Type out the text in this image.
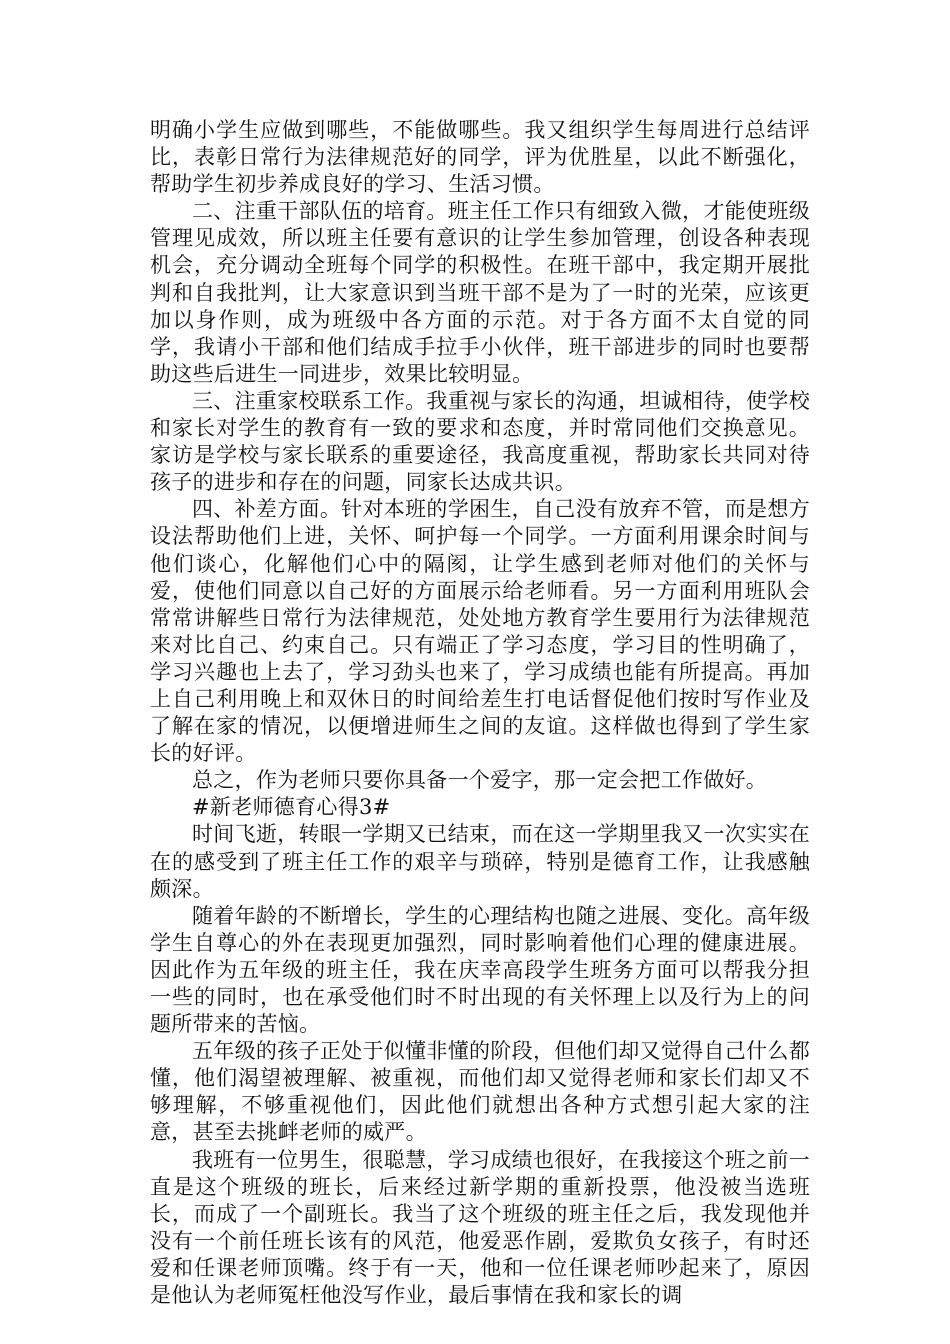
明确小学生应做到哪些，不能做哪些。我又组织学生每周进行总结评比，表彰日常行为法律规范好的同学，评为优胜星，以此不断强化，帮助学生初步养成良好的学习、生活习惯。

二、注重干部队伍的培育。班主任工作只有细致入微，才能使班级管理见成效，所以班主任要有意识的让学生参加管理，创设各种表现机会，充分调动全班每个同学的积极性。在班干部中，我定期开展批判和自我批判，让大家意识到当班干部不是为了一时的光荣，应该更加以身作则，成为班级中各方面的示范。对于各方面不太自觉的同学，我请小干部和他们结成手拉手小伙伴，班干部进步的同时也要帮助这些后进生一同进步，效果比较明显。

三、注重家校联系工作。我重视与家长的沟通，坦诚相待，使学校和家长对学生的教育有一致的要求和态度，并时常同他们交换意见。家访是学校与家长联系的重要途径，我高度重视，帮助家长共同对待孩子的进步和存在的问题，同家长达成共识。

四、补差方面。针对本班的学困生，自己没有放弃不管，而是想方设法帮助他们上进，关怀、呵护每一个同学。一方面利用课余时间与他们谈心，化解他们心中的隔阂，让学生感到老师对他们的关怀与爱，使他们同意以自己好的方面展示给老师看。另一方面利用班队会常常讲解些日常行为法律规范，处处地方教育学生要用行为法律规范来对比自己、约束自己。只有端正了学习态度，学习目的性明确了，学习兴趣也上去了，学习劲头也来了，学习成绩也能有所提高。再加上自己利用晚上和双休日的时间给差生打电话督促他们按时写作业及了解在家的情况，以便增进师生之间的友谊。这样做也得到了学生家长的好评。

总之，作为老师只要你具备一个爱字，那一定会把工作做好。

#新老师德育心得3#

时间飞逝，转眼一学期又已结束，而在这一学期里我又一次实实在在的感受到了班主任工作的艰辛与琐碎，特别是德育工作，让我感触颇深。

随着年龄的不断增长，学生的心理结构也随之进展、变化。高年级学生自尊心的外在表现更加强烈，同时影响着他们心理的健康进展。因此作为五年级的班主任，我在庆幸高段学生班务方面可以帮我分担一些的同时，也在承受他们时不时出现的有关怀理上以及行为上的问题所带来的苦恼。

五年级的孩子正处于似懂非懂的阶段，但他们却又觉得自己什么都懂，他们渴望被理解、被重视，而他们却又觉得老师和家长们却又不够理解，不够重视他们，因此他们就想出各种方式想引起大家的注意，甚至去挑衅老师的威严。

我班有一位男生，很聪慧，学习成绩也很好，在我接这个班之前一直是这个班级的班长，后来经过新学期的重新投票，他没被当选班长，而成了一个副班长。我当了这个班级的班主任之后，我发现他并没有一个前任班长该有的风范，他爱恶作剧，爱欺负女孩子，有时还爱和任课老师顶嘴。终于有一天，他和一位任课老师吵起来了，原因是他认为老师冤枉他没写作业，最后事情在我和家长的调
